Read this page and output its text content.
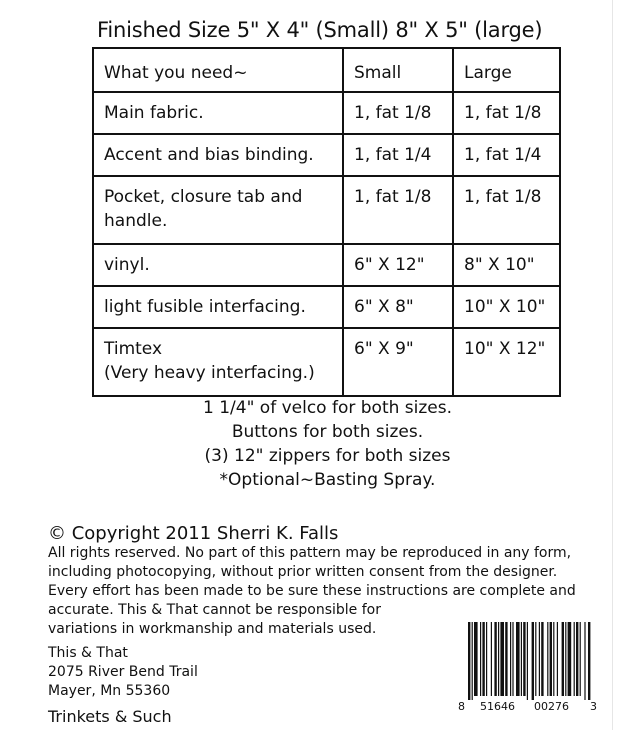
Finished Size 5" X 4" (Small) 8" X 5" (large)
What you need~	Small	Large
Main fabric.	1, fat 1/8	1, fat 1/8
Accent and bias binding.	1, fat 1/4	1, fat 1/4
Pocket, closure tab and handle.	1, fat 1/8	1, fat 1/8
vinyl.	6" X 12"	8" X 10"
light fusible interfacing.	6" X 8"	10" X 10"

Timtex
(Very heavy interfacing.)	6" X 9"	10" X 12"
1 1/4" of velco for both sizes.
Buttons for both sizes.
(3) 12" zippers for both sizes
*Optional~Basting Spray.
© Copyright 2011 Sherri K. Falls
All rights reserved. No part of this pattern may be reproduced in any form,
including photocopying, without prior written consent from the designer.
Every effort has been made to be sure these instructions are complete and
accurate. This & That cannot be responsible for
variations in workmanship and materials used.
This & That
2075 River Bend Trail
Mayer, Mn 55360
Trinkets & Such
8 51646 00276 3
